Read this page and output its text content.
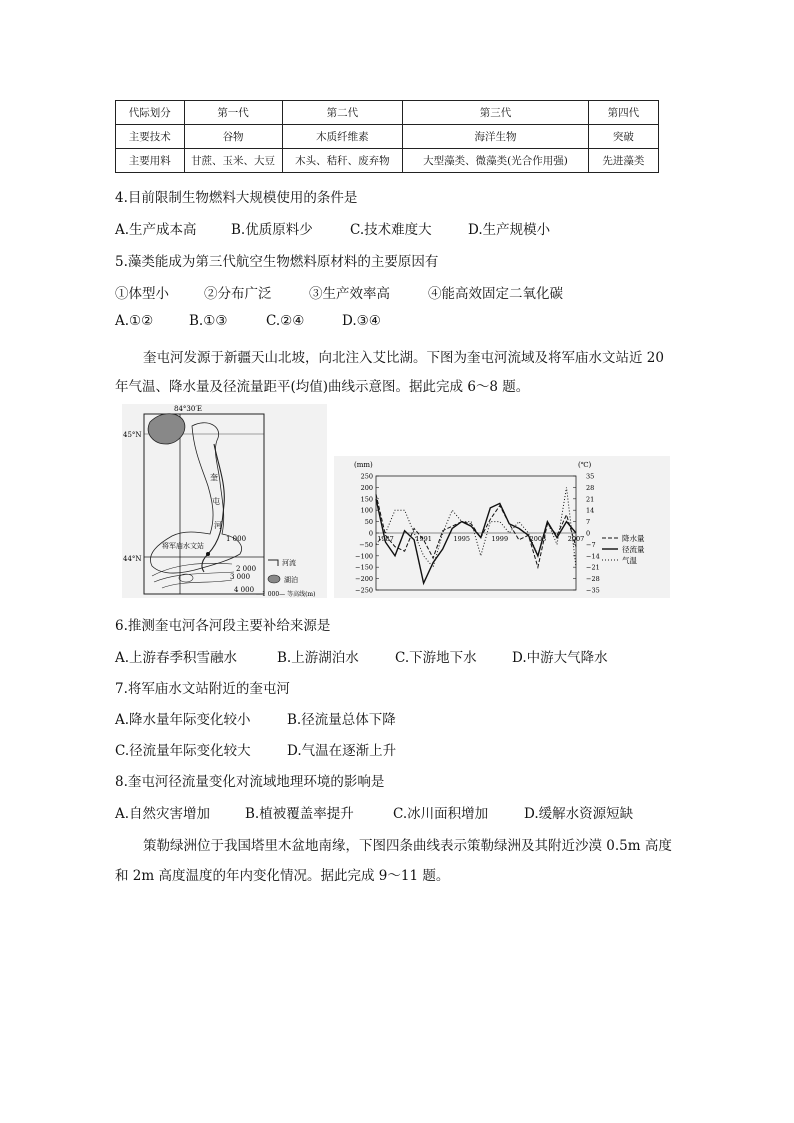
代际划分	第一代	第二代	第三代	第四代
主要技术	谷物	木质纤维素	海洋生物	突破
主要用料	甘蔗、玉米、大豆	木头、秸秆、废弃物	大型藻类、微藻类(光合作用强)	先进藻类
4.目前限制生物燃料大规模使用的条件是
A.生产成本高	B.优质原料少	C.技术难度大	D.生产规模小
5.藻类能成为第三代航空生物燃料原材料的主要原因有
①体型小	②分布广泛	③生产效率高	④能高效固定二氧化碳
A.①②	B.①③	C.②④	D.③④
奎屯河发源于新疆天山北坡，向北注入艾比湖。下图为奎屯河流域及将军庙水文站近 20
年气温、降水量及径流量距平(均值)曲线示意图。据此完成 6～8 题。
84°30′E
45°N
44°N
奎
屯
河
将军庙水文站
1 000
2 000
3 000
4 000
河流
湖泊
—1 000— 等高线(m)
(mm)	(℃)
250
200
150
100
50
0
−50
−100
−150
−200
−250
35
28
21
14
7
0
−7
−14
−21
−28
−35
1987	1991	1995	1999	2003	2007	降水量
径流量
气温
6.推测奎屯河各河段主要补给来源是
A.上游春季积雪融水	B.上游湖泊水	C.下游地下水	D.中游大气降水
7.将军庙水文站附近的奎屯河
A.降水量年际变化较小	B.径流量总体下降
C.径流量年际变化较大	D.气温在逐渐上升
8.奎屯河径流量变化对流域地理环境的影响是
A.自然灾害增加	B.植被覆盖率提升	C.冰川面积增加	D.缓解水资源短缺
策勒绿洲位于我国塔里木盆地南缘，下图四条曲线表示策勒绿洲及其附近沙漠 0.5m 高度
和 2m 高度温度的年内变化情况。据此完成 9～11 题。
